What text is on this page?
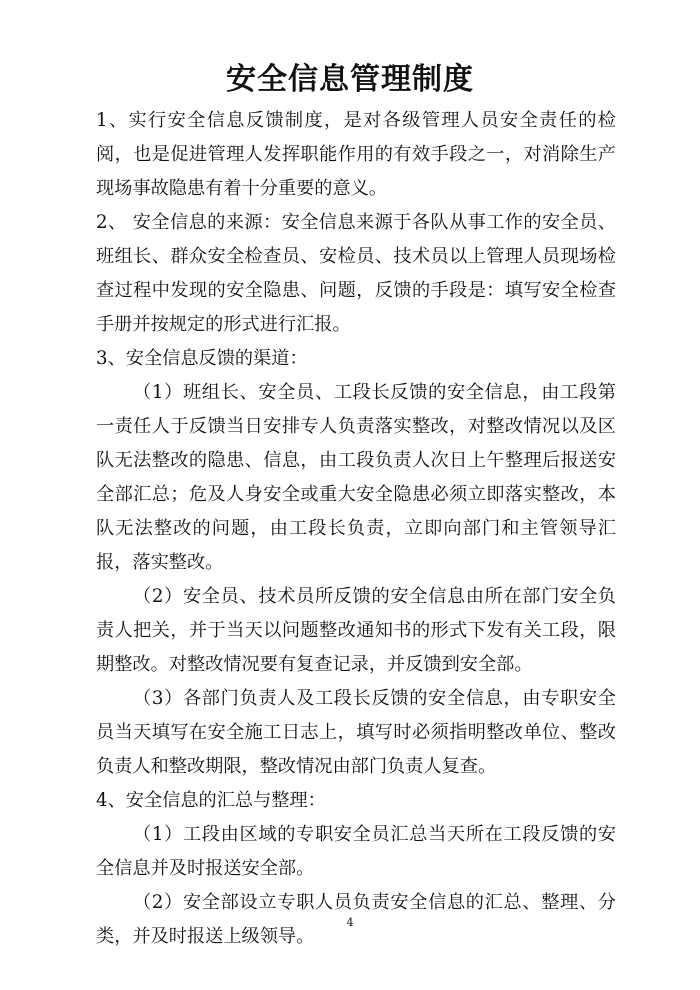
安全信息管理制度

1、实行安全信息反馈制度，是对各级管理人员安全责任的检阅，也是促进管理人发挥职能作用的有效手段之一，对消除生产现场事故隐患有着十分重要的意义。

2、 安全信息的来源：安全信息来源于各队从事工作的安全员、班组长、群众安全检查员、安检员、技术员以上管理人员现场检查过程中发现的安全隐患、问题，反馈的手段是：填写安全检查手册并按规定的形式进行汇报。

3、安全信息反馈的渠道：

（1）班组长、安全员、工段长反馈的安全信息，由工段第一责任人于反馈当日安排专人负责落实整改，对整改情况以及区队无法整改的隐患、信息，由工段负责人次日上午整理后报送安全部汇总；危及人身安全或重大安全隐患必须立即落实整改，本队无法整改的问题，由工段长负责，立即向部门和主管领导汇报，落实整改。

（2）安全员、技术员所反馈的安全信息由所在部门安全负责人把关，并于当天以问题整改通知书的形式下发有关工段，限期整改。对整改情况要有复查记录，并反馈到安全部。

（3）各部门负责人及工段长反馈的安全信息，由专职安全员当天填写在安全施工日志上，填写时必须指明整改单位、整改负责人和整改期限，整改情况由部门负责人复查。

4、安全信息的汇总与整理：

（1）工段由区域的专职安全员汇总当天所在工段反馈的安全信息并及时报送安全部。

（2）安全部设立专职人员负责安全信息的汇总、整理、分类，并及时报送上级领导。

4
